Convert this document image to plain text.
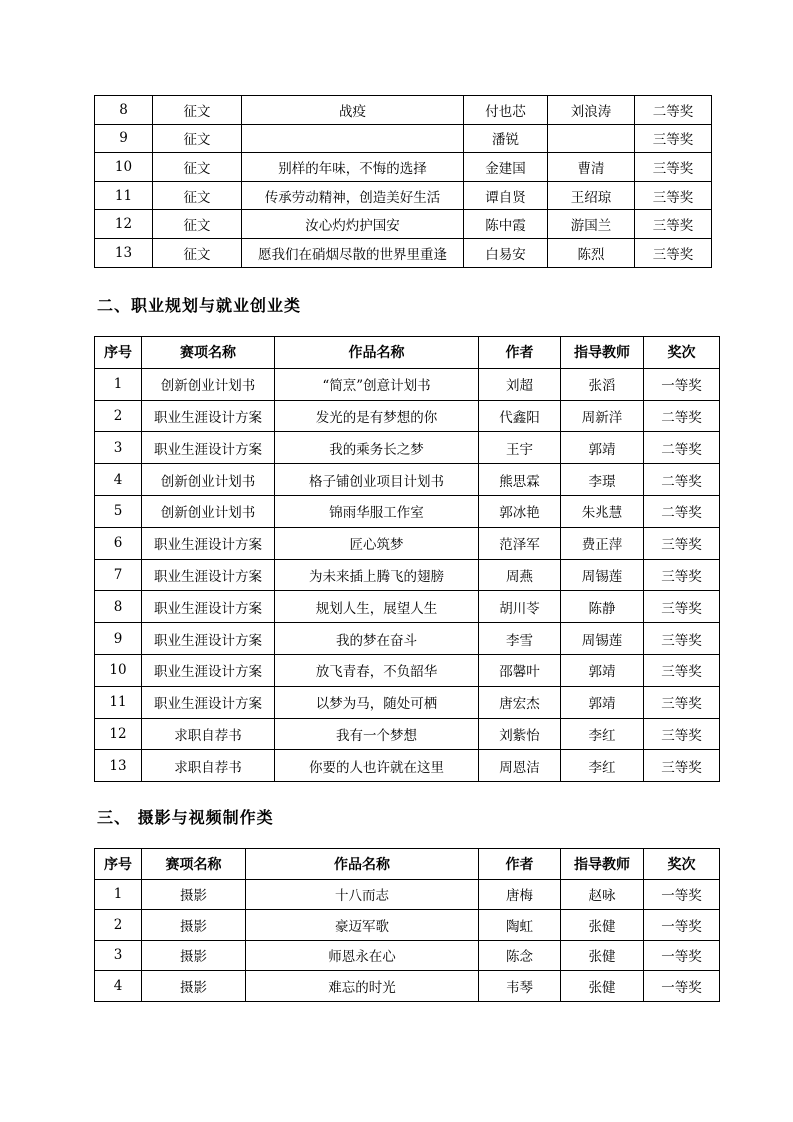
8	征文	战疫	付也芯	刘浪涛	二等奖
9	征文		潘锐		三等奖
10	征文	别样的年味，不悔的选择	金建国	曹清	三等奖
11	征文	传承劳动精神，创造美好生活	谭自贤	王绍琼	三等奖
12	征文	汝心灼灼护国安	陈中霞	游国兰	三等奖
13	征文	愿我们在硝烟尽散的世界里重逢	白易安	陈烈	三等奖
二、职业规划与就业创业类
序号	赛项名称	作品名称	作者	指导教师	奖次
1	创新创业计划书	“简烹”创意计划书	刘超	张滔	一等奖
2	职业生涯设计方案	发光的是有梦想的你	代鑫阳	周新洋	二等奖
3	职业生涯设计方案	我的乘务长之梦	王宇	郭靖	二等奖
4	创新创业计划书	格子铺创业项目计划书	熊思霖	李璟	二等奖
5	创新创业计划书	锦雨华服工作室	郭冰艳	朱兆慧	二等奖
6	职业生涯设计方案	匠心筑梦	范泽军	费正萍	三等奖
7	职业生涯设计方案	为未来插上腾飞的翅膀	周燕	周锡莲	三等奖
8	职业生涯设计方案	规划人生，展望人生	胡川苓	陈静	三等奖
9	职业生涯设计方案	我的梦在奋斗	李雪	周锡莲	三等奖
10	职业生涯设计方案	放飞青春，不负韶华	邵馨叶	郭靖	三等奖
11	职业生涯设计方案	以梦为马，随处可栖	唐宏杰	郭靖	三等奖
12	求职自荐书	我有一个梦想	刘紫怡	李红	三等奖
13	求职自荐书	你要的人也许就在这里	周恩洁	李红	三等奖
三、 摄影与视频制作类
序号	赛项名称	作品名称	作者	指导教师	奖次
1	摄影	十八而志	唐梅	赵咏	一等奖
2	摄影	豪迈军歌	陶虹	张健	一等奖
3	摄影	师恩永在心	陈念	张健	一等奖
4	摄影	难忘的时光	韦琴	张健	一等奖
